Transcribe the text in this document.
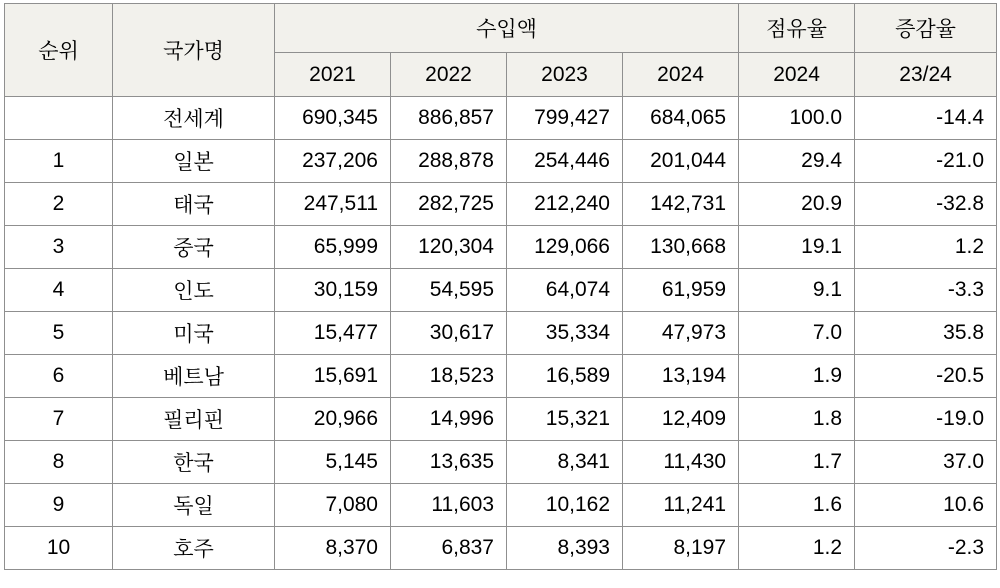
순위	국가명	수입액				점유율	증감율
		2021	2022	2023	2024	2024	23/24
	전세계	690,345	886,857	799,427	684,065	100.0	-14.4
1	일본	237,206	288,878	254,446	201,044	29.4	-21.0
2	태국	247,511	282,725	212,240	142,731	20.9	-32.8
3	중국	65,999	120,304	129,066	130,668	19.1	1.2
4	인도	30,159	54,595	64,074	61,959	9.1	-3.3
5	미국	15,477	30,617	35,334	47,973	7.0	35.8
6	베트남	15,691	18,523	16,589	13,194	1.9	-20.5
7	필리핀	20,966	14,996	15,321	12,409	1.8	-19.0
8	한국	5,145	13,635	8,341	11,430	1.7	37.0
9	독일	7,080	11,603	10,162	11,241	1.6	10.6
10	호주	8,370	6,837	8,393	8,197	1.2	-2.3
